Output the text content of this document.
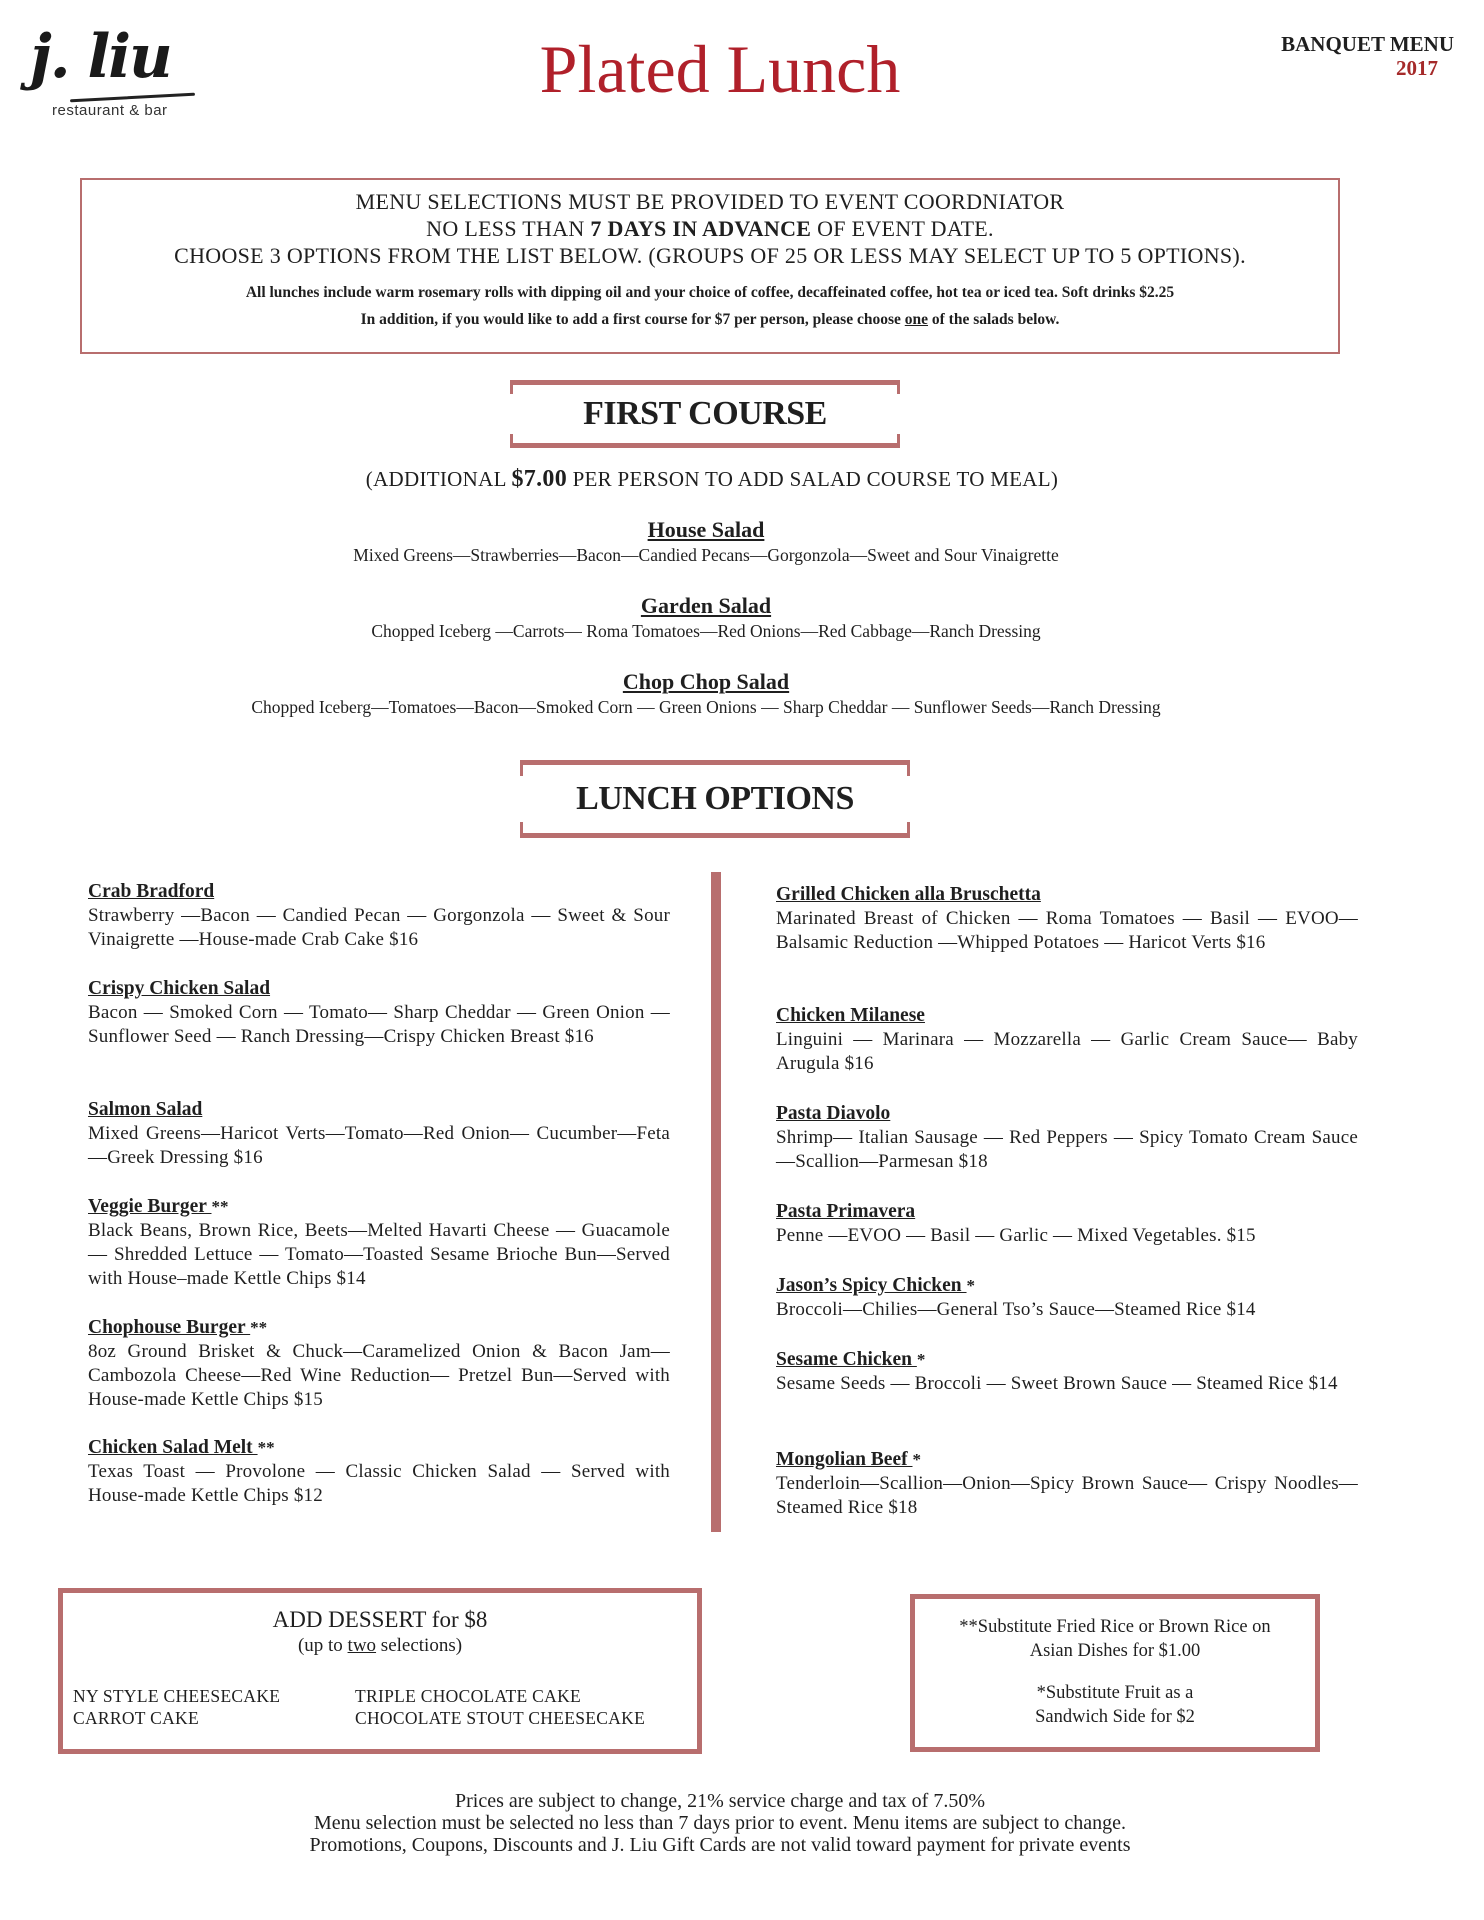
j. liu
restaurant & bar
Plated Lunch	BANQUET MENU
2017
MENU SELECTIONS MUST BE PROVIDED TO EVENT COORDNIATOR
NO LESS THAN 7 DAYS IN ADVANCE OF EVENT DATE.
CHOOSE 3 OPTIONS FROM THE LIST BELOW. (GROUPS OF 25 OR LESS MAY SELECT UP TO 5 OPTIONS).
All lunches include warm rosemary rolls with dipping oil and your choice of coffee, decaffeinated coffee, hot tea or iced tea. Soft drinks $2.25
In addition, if you would like to add a first course for $7 per person, please choose one of the salads below.
FIRST COURSE
(ADDITIONAL $7.00 PER PERSON TO ADD SALAD COURSE TO MEAL)
House Salad
Mixed Greens—Strawberries—Bacon—Candied Pecans—Gorgonzola—Sweet and Sour Vinaigrette
Garden Salad
Chopped Iceberg —Carrots— Roma Tomatoes—Red Onions—Red Cabbage—Ranch Dressing
Chop Chop Salad
Chopped Iceberg—Tomatoes—Bacon—Smoked Corn — Green Onions — Sharp Cheddar — Sunflower Seeds—Ranch Dressing
LUNCH OPTIONS
Crab Bradford
Strawberry —Bacon — Candied Pecan — Gorgonzola — Sweet & Sour Vinaigrette —House-made Crab Cake $16
Crispy Chicken Salad
Bacon — Smoked Corn — Tomato— Sharp Cheddar — Green Onion — Sunflower Seed — Ranch Dressing—Crispy Chicken Breast $16
Salmon Salad
Mixed Greens—Haricot Verts—Tomato—Red Onion— Cucumber—Feta —Greek Dressing $16
Veggie Burger **
Black Beans, Brown Rice, Beets—Melted Havarti Cheese — Guacamole — Shredded Lettuce — Tomato—Toasted Sesame Brioche Bun—Served with House–made Kettle Chips $14
Chophouse Burger **
8oz Ground Brisket & Chuck—Caramelized Onion & Bacon Jam—Cambozola Cheese—Red Wine Reduction— Pretzel Bun—Served with House-made Kettle Chips $15
Chicken Salad Melt **
Texas Toast — Provolone — Classic Chicken Salad — Served with House-made Kettle Chips $12
Grilled Chicken alla Bruschetta
Marinated Breast of Chicken — Roma Tomatoes — Basil — EVOO—Balsamic Reduction —Whipped Potatoes — Haricot Verts $16
Chicken Milanese
Linguini — Marinara — Mozzarella — Garlic Cream Sauce— Baby Arugula $16
Pasta Diavolo
Shrimp— Italian Sausage — Red Peppers — Spicy Tomato Cream Sauce —Scallion—Parmesan $18
Pasta Primavera
Penne —EVOO — Basil — Garlic — Mixed Vegetables. $15
Jason’s Spicy Chicken *
Broccoli—Chilies—General Tso’s Sauce—Steamed Rice $14
Sesame Chicken *
Sesame Seeds — Broccoli — Sweet Brown Sauce — Steamed Rice $14
Mongolian Beef *
Tenderloin—Scallion—Onion—Spicy Brown Sauce— Crispy Noodles—Steamed Rice $18
ADD DESSERT for $8
(up to two selections)
NY STYLE CHEESECAKE
CARROT CAKE
TRIPLE CHOCOLATE CAKE
CHOCOLATE STOUT CHEESECAKE
**Substitute Fried Rice or Brown Rice on
Asian Dishes for $1.00
*Substitute Fruit as a
Sandwich Side for $2
Prices are subject to change, 21% service charge and tax of 7.50%
Menu selection must be selected no less than 7 days prior to event. Menu items are subject to change.
Promotions, Coupons, Discounts and J. Liu Gift Cards are not valid toward payment for private events
